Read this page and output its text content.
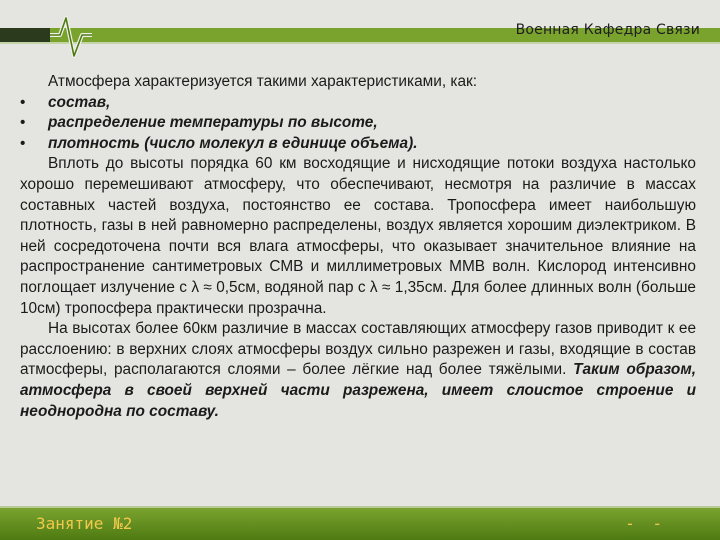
Военная Кафедра Связи

Атмосфера характеризуется такими характеристиками, как:

• состав,
• распределение температуры по высоте,
• плотность (число молекул в единице объема).

Вплоть до высоты порядка 60 км восходящие и нисходящие потоки воздуха настолько хорошо перемешивают атмосферу, что обеспечивают, несмотря на различие в массах составных частей воздуха, постоянство ее состава. Тропосфера имеет наибольшую плотность, газы в ней равномерно распределены, воздух является хорошим диэлектриком. В ней сосредоточена почти вся влага атмосферы, что оказывает значительное влияние на распространение сантиметровых СМВ и миллиметровых ММВ волн. Кислород интенсивно поглощает излучение с λ ≈ 0,5см, водяной пар с λ ≈ 1,35см. Для более длинных волн (больше 10см) тропосфера практически прозрачна.

На высотах более 60км различие в массах составляющих атмосферу газов приводит к ее расслоению: в верхних слоях атмосферы воздух сильно разрежен и газы, входящие в состав атмосферы, располагаются слоями – более лёгкие над более тяжёлыми. Таким образом, атмосфера в своей верхней части разрежена, имеет слоистое строение и неоднородна по составу.

Занятие №2	- -
